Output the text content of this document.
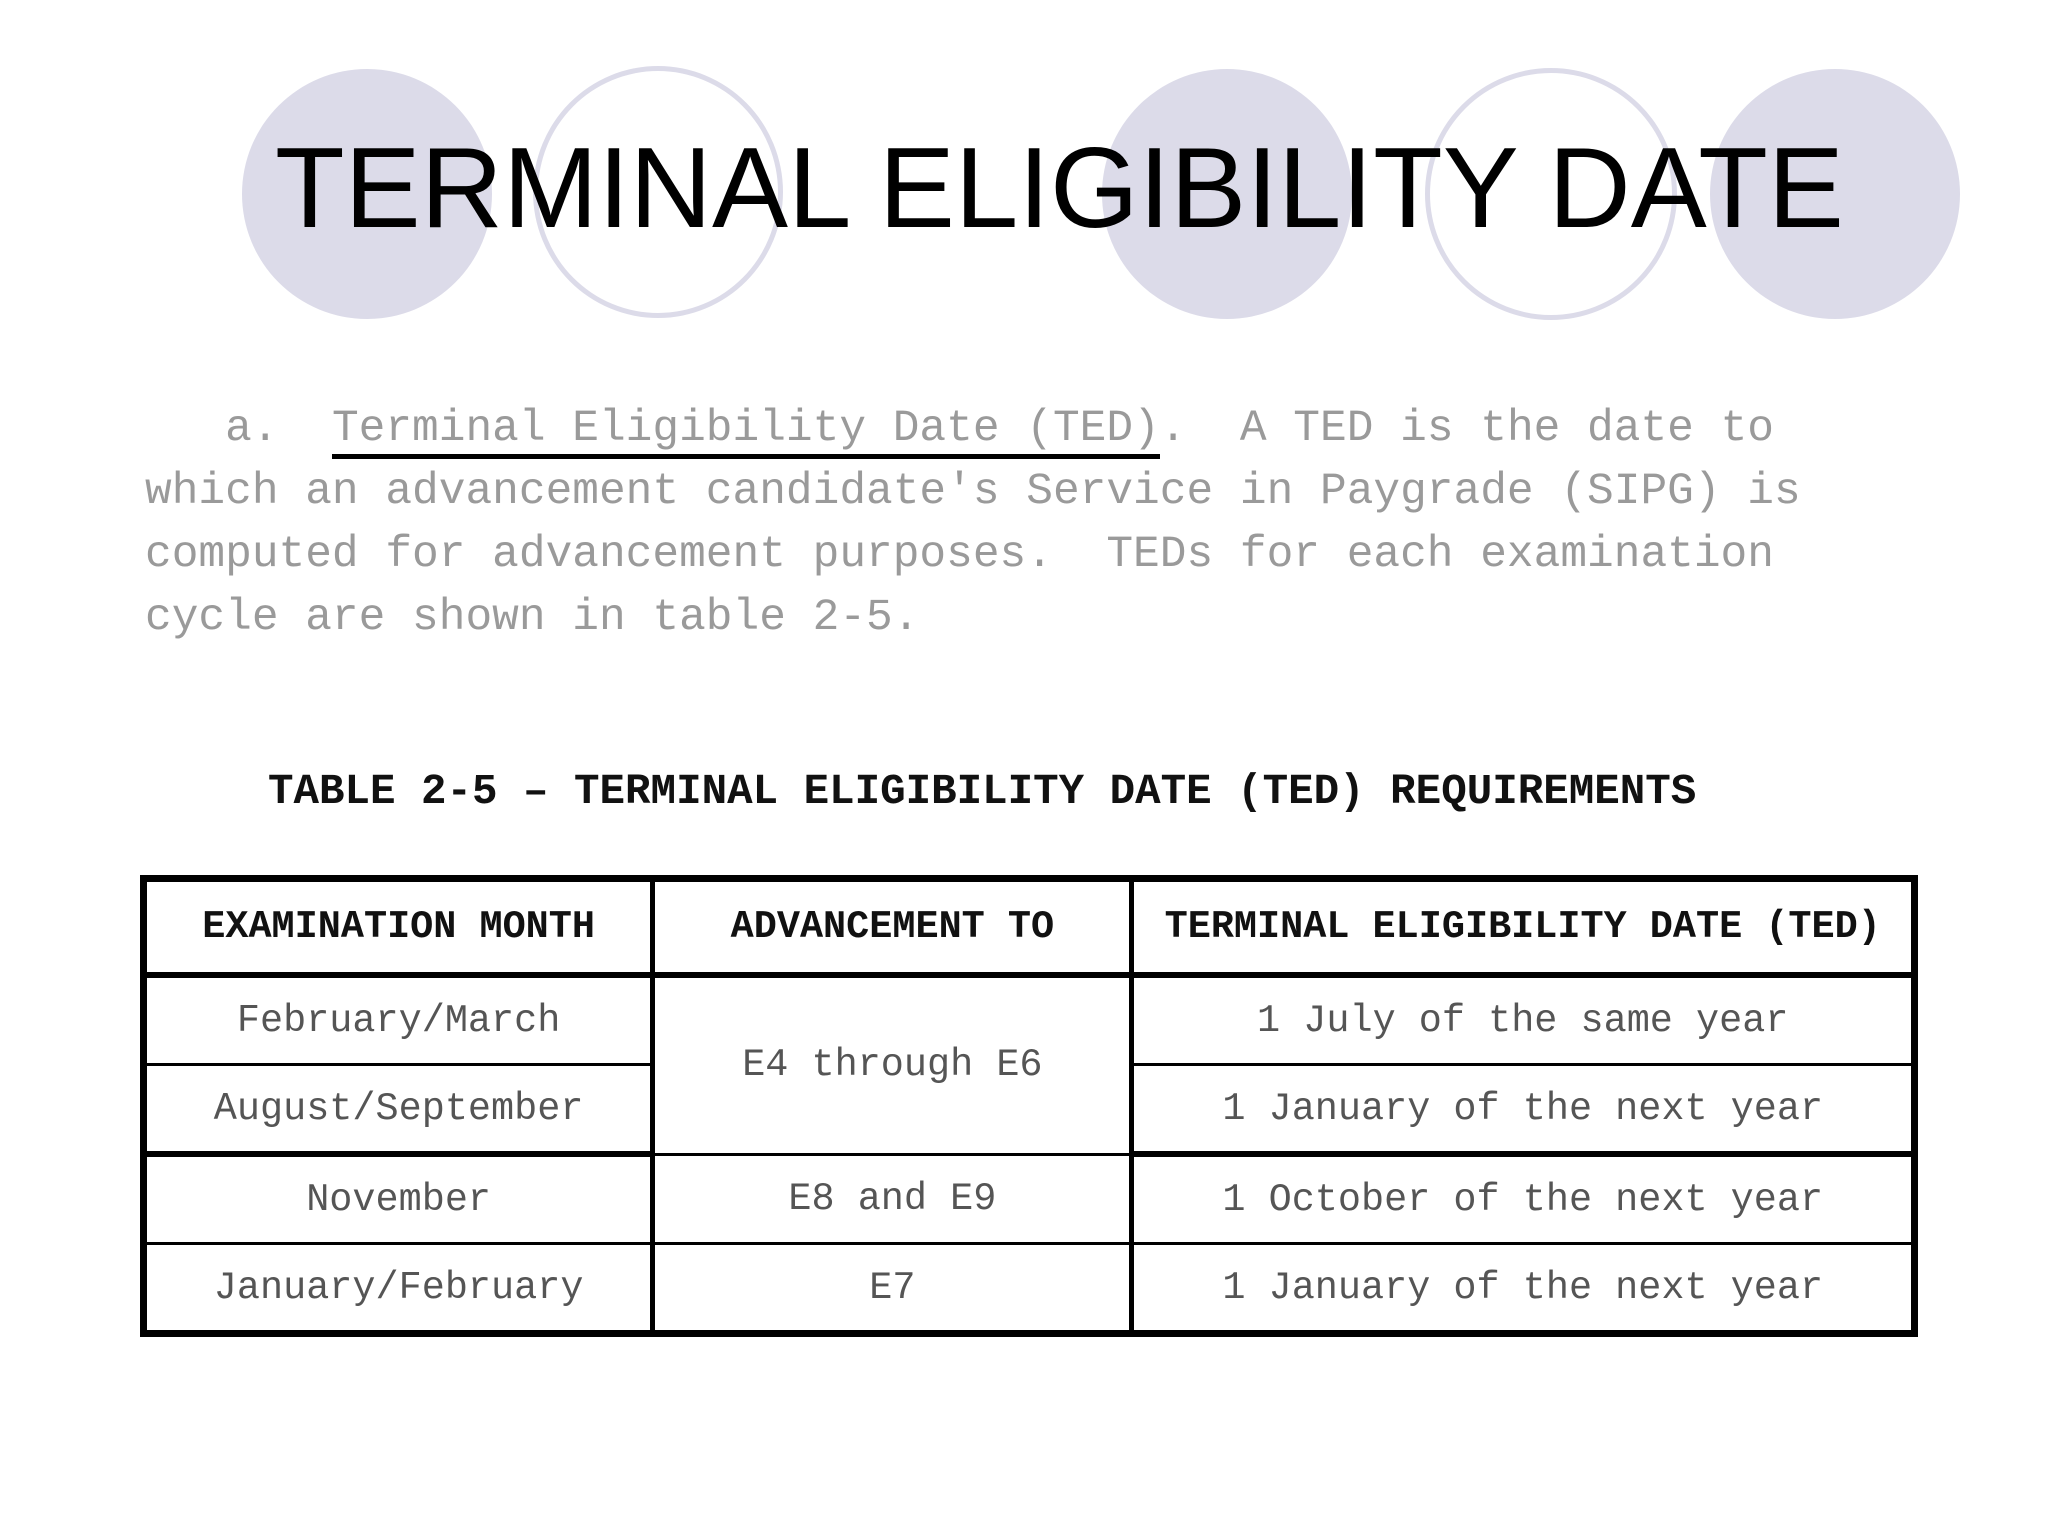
TERMINAL ELIGIBILITY DATE
a.  Terminal Eligibility Date (TED).  A TED is the date to
which an advancement candidate's Service in Paygrade (SIPG) is
computed for advancement purposes.  TEDs for each examination
cycle are shown in table 2-5.
TABLE 2-5 – TERMINAL ELIGIBILITY DATE (TED) REQUIREMENTS
EXAMINATION MONTH	ADVANCEMENT TO	TERMINAL ELIGIBILITY DATE (TED)
February/March	E4 through E6	1 July of the same year
August/September		1 January of the next year
November	E8 and E9	1 October of the next year
January/February	E7	1 January of the next year
